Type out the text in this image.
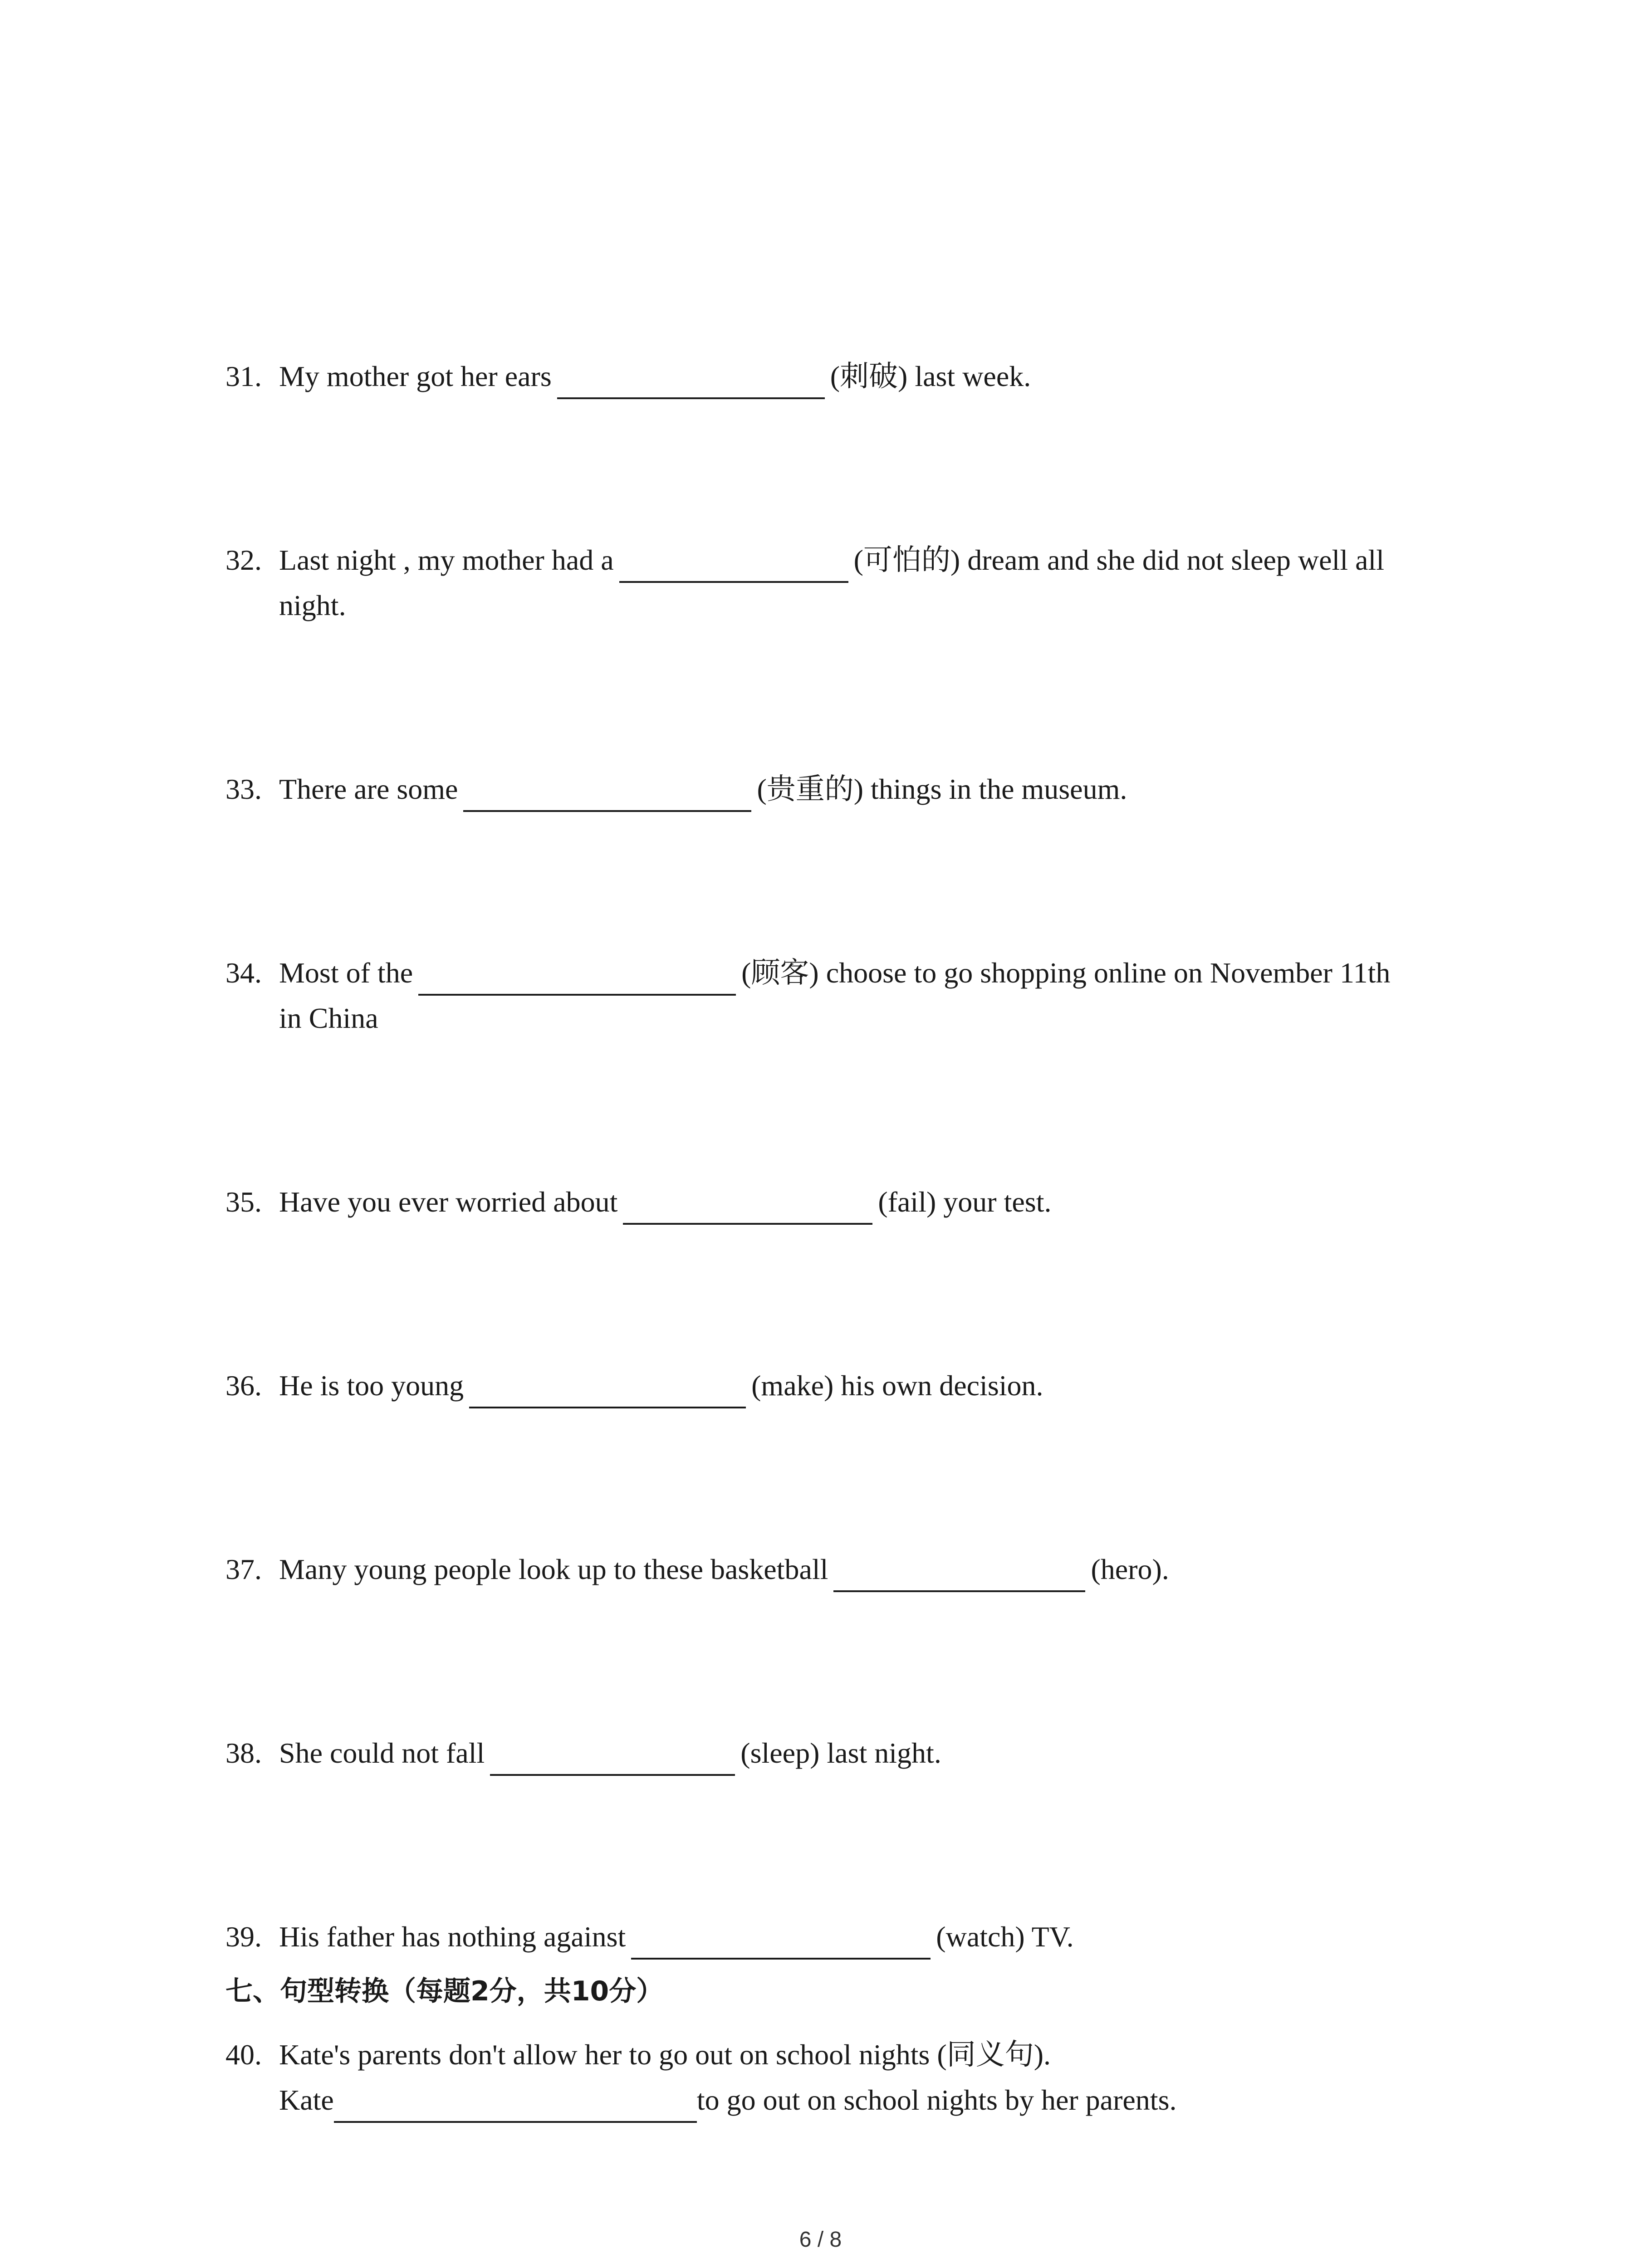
31. My mother got her ears	(刺破) last week.
32. Last night , my mother had a	(可怕的) dream and she did not sleep well all
night.
33. There are some	(贵重的) things in the museum.
34. Most of the	(顾客) choose to go shopping online on November 11th
in China
35. Have you ever worried about	(fail) your test.
36. He is too young	(make) his own decision.
37. Many young people look up to these basketball	(hero).
38. She could not fall	(sleep) last night.
39. His father has nothing against	(watch) TV.
七、句型转换（每题2分，共10分）
40. Kate's parents don't allow her to go out on school nights (同义句).
Kate	to go out on school nights by her parents.
6 / 8
